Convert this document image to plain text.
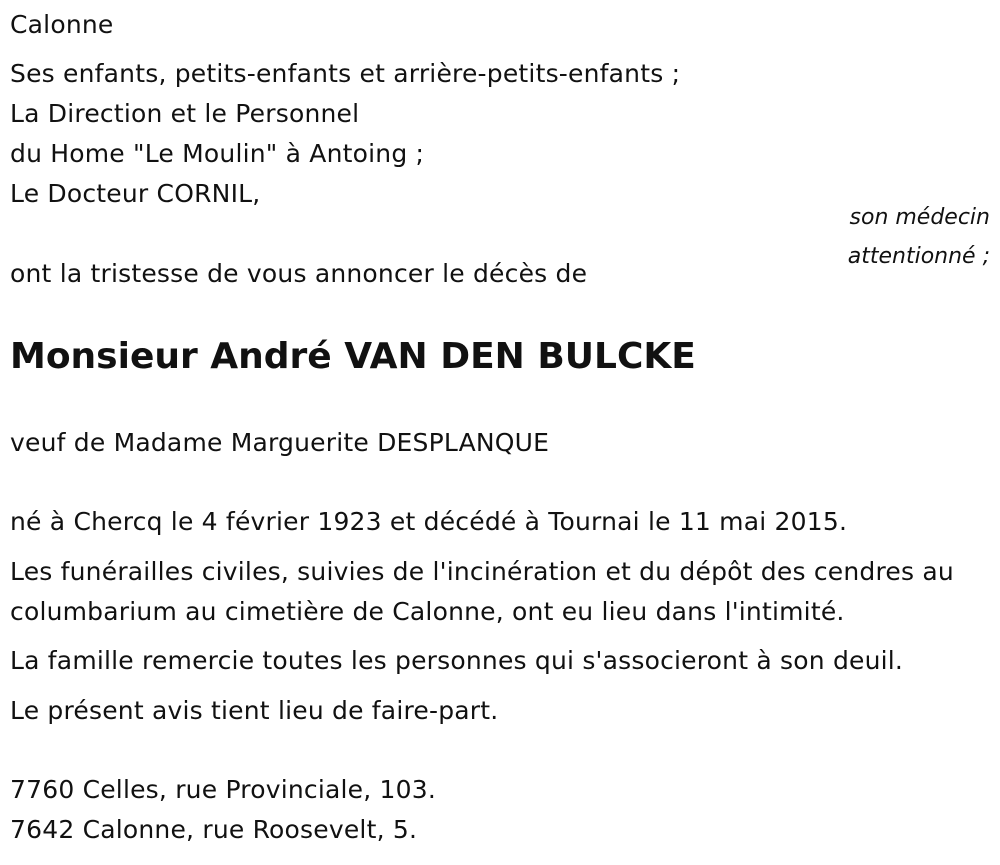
Calonne
Ses enfants, petits-enfants et arrière-petits-enfants ;
La Direction et le Personnel
du Home "Le Moulin" à Antoing ;
Le Docteur CORNIL,
son médecin
attentionné ;
ont la tristesse de vous annoncer le décès de
Monsieur André VAN DEN BULCKE
veuf de Madame Marguerite DESPLANQUE
né à Chercq le 4 février 1923 et décédé à Tournai le 11 mai 2015.
Les funérailles civiles, suivies de l'incinération et du dépôt des cendres au
columbarium au cimetière de Calonne, ont eu lieu dans l'intimité.
La famille remercie toutes les personnes qui s'associeront à son deuil.
Le présent avis tient lieu de faire-part.
7760 Celles, rue Provinciale, 103.
7642 Calonne, rue Roosevelt, 5.
